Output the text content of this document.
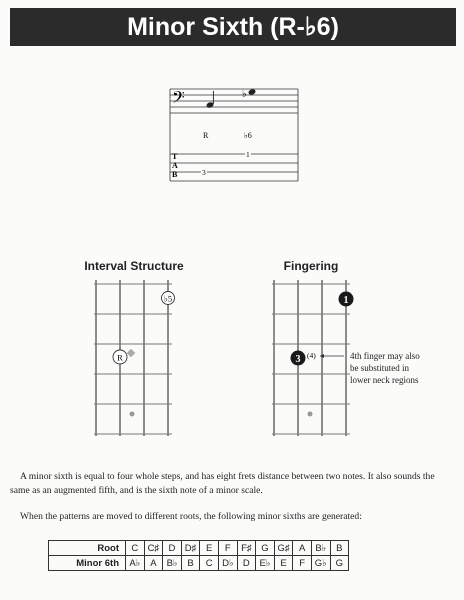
Minor Sixth (R-♭6)
𝄢	♭
R	♭6
T
A
B
1
3
Interval Structure	Fingering
♭5
R
1
3 (4)	4th finger may also
be substituted in
lower neck regions
A minor sixth is equal to four whole steps, and has eight frets distance between two notes. It also sounds the same as an augmented fifth, and is the sixth note of a minor scale.
When the patterns are moved to different roots, the following minor sixths are generated:
Root	C	C♯	D	D♯	E	F	F♯	G	G♯	A	B♭	B
Minor 6th	A♭	A	B♭	B	C	D♭	D	E♭	E	F	G♭	G
